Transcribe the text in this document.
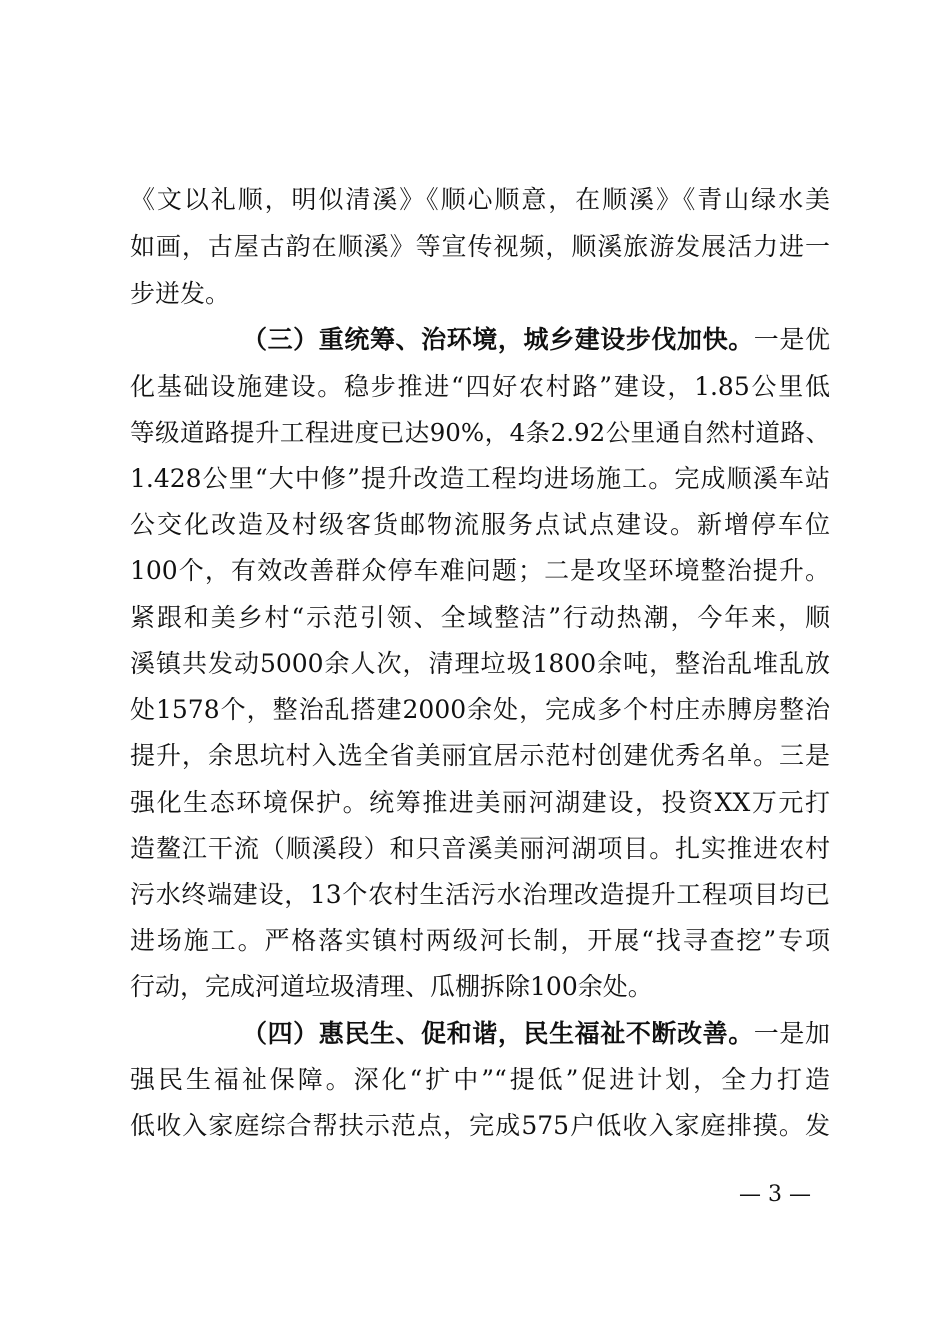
《文以礼顺，明似清溪》《顺心顺意，在顺溪》《青山绿水美
如画，古屋古韵在顺溪》等宣传视频，顺溪旅游发展活力进一
步迸发。
（三）重统筹、治环境，城乡建设步伐加快。一是优
化基础设施建设。稳步推进“四好农村路”建设，1.85公里低
等级道路提升工程进度已达90%，4条2.92公里通自然村道路、
1.428公里“大中修”提升改造工程均进场施工。完成顺溪车站
公交化改造及村级客货邮物流服务点试点建设。新增停车位
100个，有效改善群众停车难问题；二是攻坚环境整治提升。
紧跟和美乡村“示范引领、全域整洁”行动热潮，今年来，顺
溪镇共发动5000余人次，清理垃圾1800余吨，整治乱堆乱放
处1578个，整治乱搭建2000余处，完成多个村庄赤膊房整治
提升，余思坑村入选全省美丽宜居示范村创建优秀名单。三是
强化生态环境保护。统筹推进美丽河湖建设，投资XX万元打
造鳌江干流（顺溪段）和只音溪美丽河湖项目。扎实推进农村
污水终端建设，13个农村生活污水治理改造提升工程项目均已
进场施工。严格落实镇村两级河长制，开展“找寻查挖”专项
行动，完成河道垃圾清理、瓜棚拆除100余处。
（四）惠民生、促和谐，民生福祉不断改善。一是加
强民生福祉保障。深化“扩中”“提低”促进计划，全力打造
低收入家庭综合帮扶示范点，完成575户低收入家庭排摸。发
— 3 —
